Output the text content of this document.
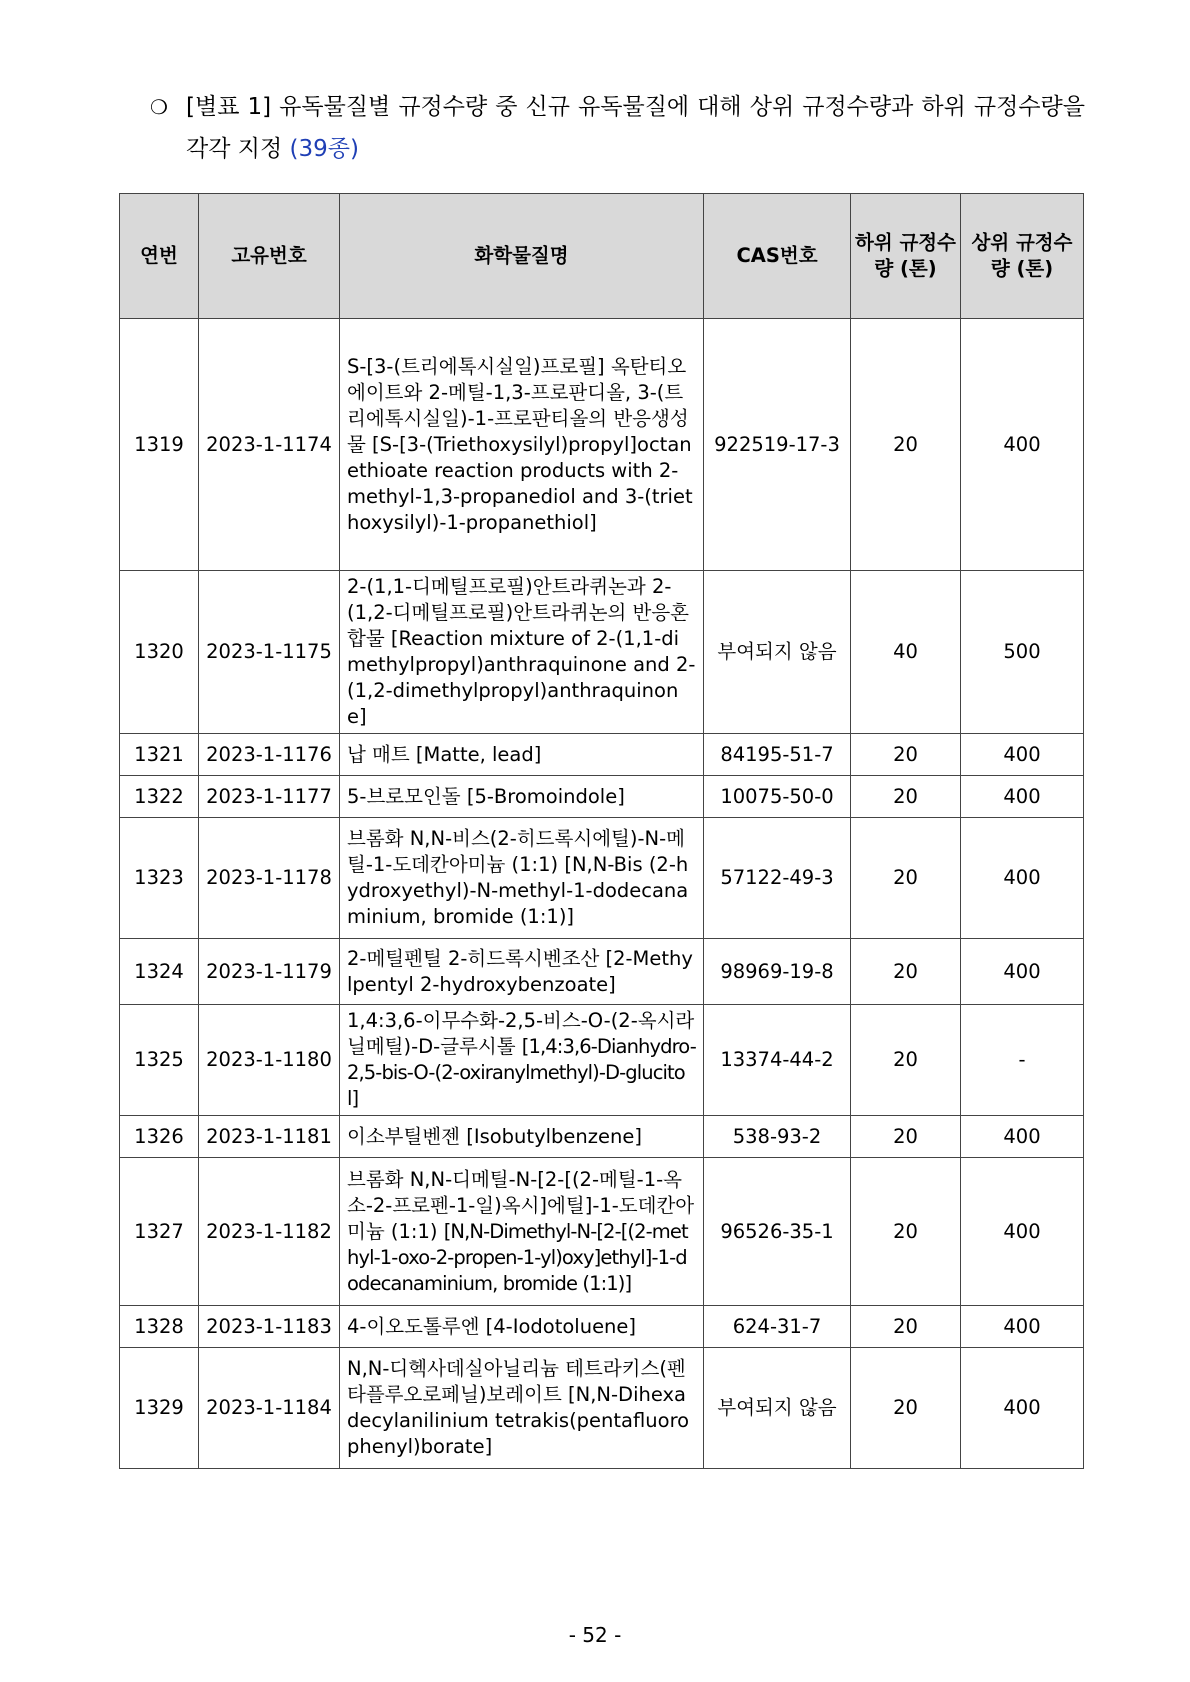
❍ [별표 1] 유독물질별 규정수량 중 신규 유독물질에 대해 상위 규정수량과 하위 규정수량을 각각 지정 (39종)
연번	고유번호	화학물질명	CAS번호	하위 규정수량 (톤)	상위 규정수량 (톤)
1319	2023-1-1174	S-[3-(트리에톡시실일)프로필] 옥탄티오에이트와 2-메틸-1,3-프로판디올, 3-(트리에톡시실일)-1-프로판티올의 반응생성물 [S-[3-(Triethoxysilyl)propyl]octanethioate reaction products with 2-methyl-1,3-propanediol and 3-(triethoxysilyl)-1-propanethiol]	922519-17-3	20	400
1320	2023-1-1175	2-(1,1-디메틸프로필)안트라퀴논과 2-(1,2-디메틸프로필)안트라퀴논의 반응혼합물 [Reaction mixture of 2-(1,1-dimethylpropyl)anthraquinone and 2-(1,2-dimethylpropyl)anthraquinone]	부여되지 않음	40	500
1321	2023-1-1176	납 매트 [Matte, lead]	84195-51-7	20	400
1322	2023-1-1177	5-브로모인돌 [5-Bromoindole]	10075-50-0	20	400
1323	2023-1-1178	브롬화 N,N-비스(2-히드록시에틸)-N-메틸-1-도데칸아미늄 (1:1) [N,N-Bis (2-hydroxyethyl)-N-methyl-1-dodecanaminium, bromide (1:1)]	57122-49-3	20	400
1324	2023-1-1179	2-메틸펜틸 2-히드록시벤조산 [2-Methylpentyl 2-hydroxybenzoate]	98969-19-8	20	400
1325	2023-1-1180	1,4:3,6-이무수화-2,5-비스-O-(2-옥시라닐메틸)-D-글루시톨 [1,4:3,6-Dianhydro-2,5-bis-O-(2-oxiranylmethyl)-D-glucitol]	13374-44-2	20	-
1326	2023-1-1181	이소부틸벤젠 [Isobutylbenzene]	538-93-2	20	400
1327	2023-1-1182	브롬화 N,N-디메틸-N-[2-[(2-메틸-1-옥소-2-프로펜-1-일)옥시]에틸]-1-도데칸아미늄 (1:1) [N,N-Dimethyl-N-[2-[(2-methyl-1-oxo-2-propen-1-yl)oxy]ethyl]-1-dodecanaminium, bromide (1:1)]	96526-35-1	20	400
1328	2023-1-1183	4-이오도톨루엔 [4-Iodotoluene]	624-31-7	20	400
1329	2023-1-1184	N,N-디헥사데실아닐리늄 테트라키스(펜타플루오로페닐)보레이트 [N,N-Dihexadecylanilinium tetrakis(pentafluorophenyl)borate]	부여되지 않음	20	400
- 52 -
